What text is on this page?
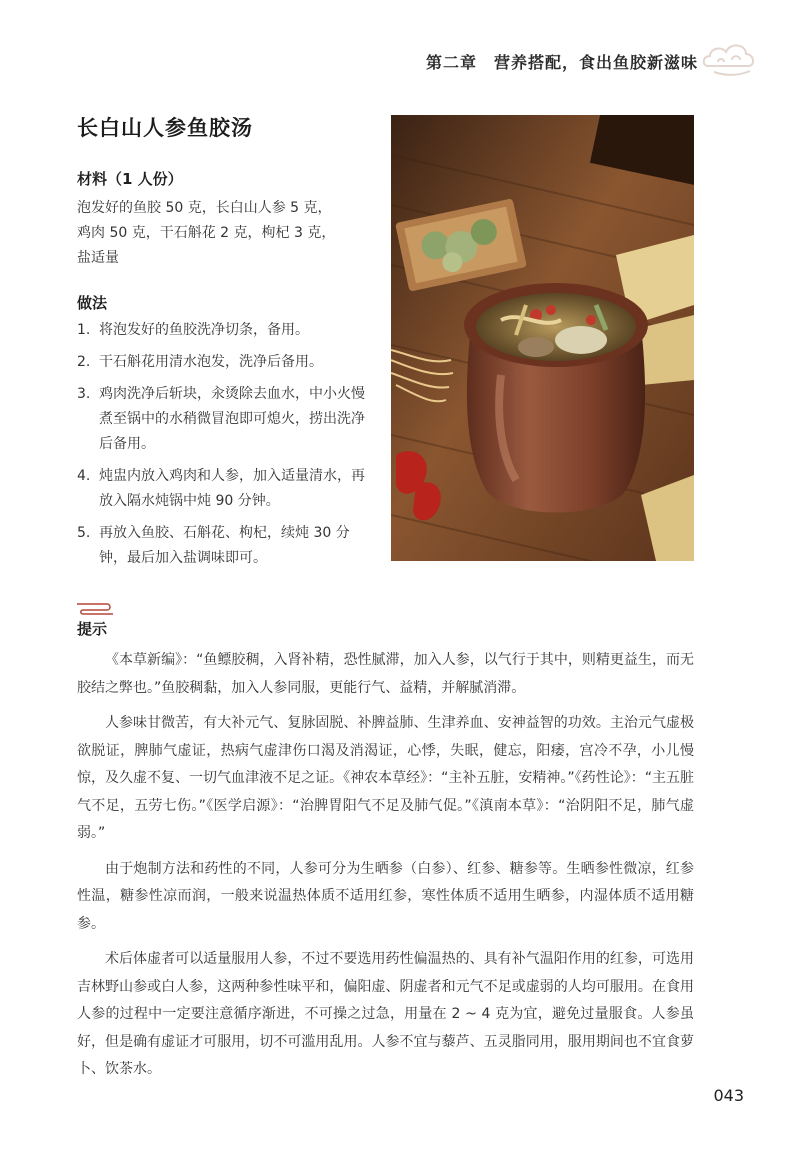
第二章　营养搭配，食出鱼胶新滋味
长白山人参鱼胶汤
材料（1 人份）
泡发好的鱼胶 50 克，长白山人参 5 克，
鸡肉 50 克，干石斛花 2 克，枸杞 3 克，
盐适量
做法
1. 将泡发好的鱼胶洗净切条，备用。
2. 干石斛花用清水泡发，洗净后备用。
3. 鸡肉洗净后斩块，汆烫除去血水，中小火慢煮至锅中的水稍微冒泡即可熄火，捞出洗净后备用。
4. 炖盅内放入鸡肉和人参，加入适量清水，再放入隔水炖锅中炖 90 分钟。
5. 再放入鱼胶、石斛花、枸杞，续炖 30 分钟，最后加入盐调味即可。
提示

《本草新编》：“鱼鳔胶稠，入肾补精，恐性腻滞，加入人参，以气行于其中，则精更益生，而无胶结之弊也。”鱼胶稠黏，加入人参同服，更能行气、益精，并解腻消滞。

人参味甘微苦，有大补元气、复脉固脱、补脾益肺、生津养血、安神益智的功效。主治元气虚极欲脱证，脾肺气虚证，热病气虚津伤口渴及消渴证，心悸，失眠，健忘，阳痿，宫冷不孕，小儿慢惊，及久虚不复、一切气血津液不足之证。《神农本草经》：“主补五脏，安精神。”《药性论》：“主五脏气不足，五劳七伤。”《医学启源》：“治脾胃阳气不足及肺气促。”《滇南本草》：“治阴阳不足，肺气虚弱。”

由于炮制方法和药性的不同，人参可分为生晒参（白参）、红参、糖参等。生晒参性微凉，红参性温，糖参性凉而润，一般来说温热体质不适用红参，寒性体质不适用生晒参，内湿体质不适用糖参。

术后体虚者可以适量服用人参，不过不要选用药性偏温热的、具有补气温阳作用的红参，可选用吉林野山参或白人参，这两种参性味平和，偏阳虚、阴虚者和元气不足或虚弱的人均可服用。在食用人参的过程中一定要注意循序渐进，不可操之过急，用量在 2 ~ 4 克为宜，避免过量服食。人参虽好，但是确有虚证才可服用，切不可滥用乱用。人参不宜与藜芦、五灵脂同用，服用期间也不宜食萝卜、饮茶水。

043
